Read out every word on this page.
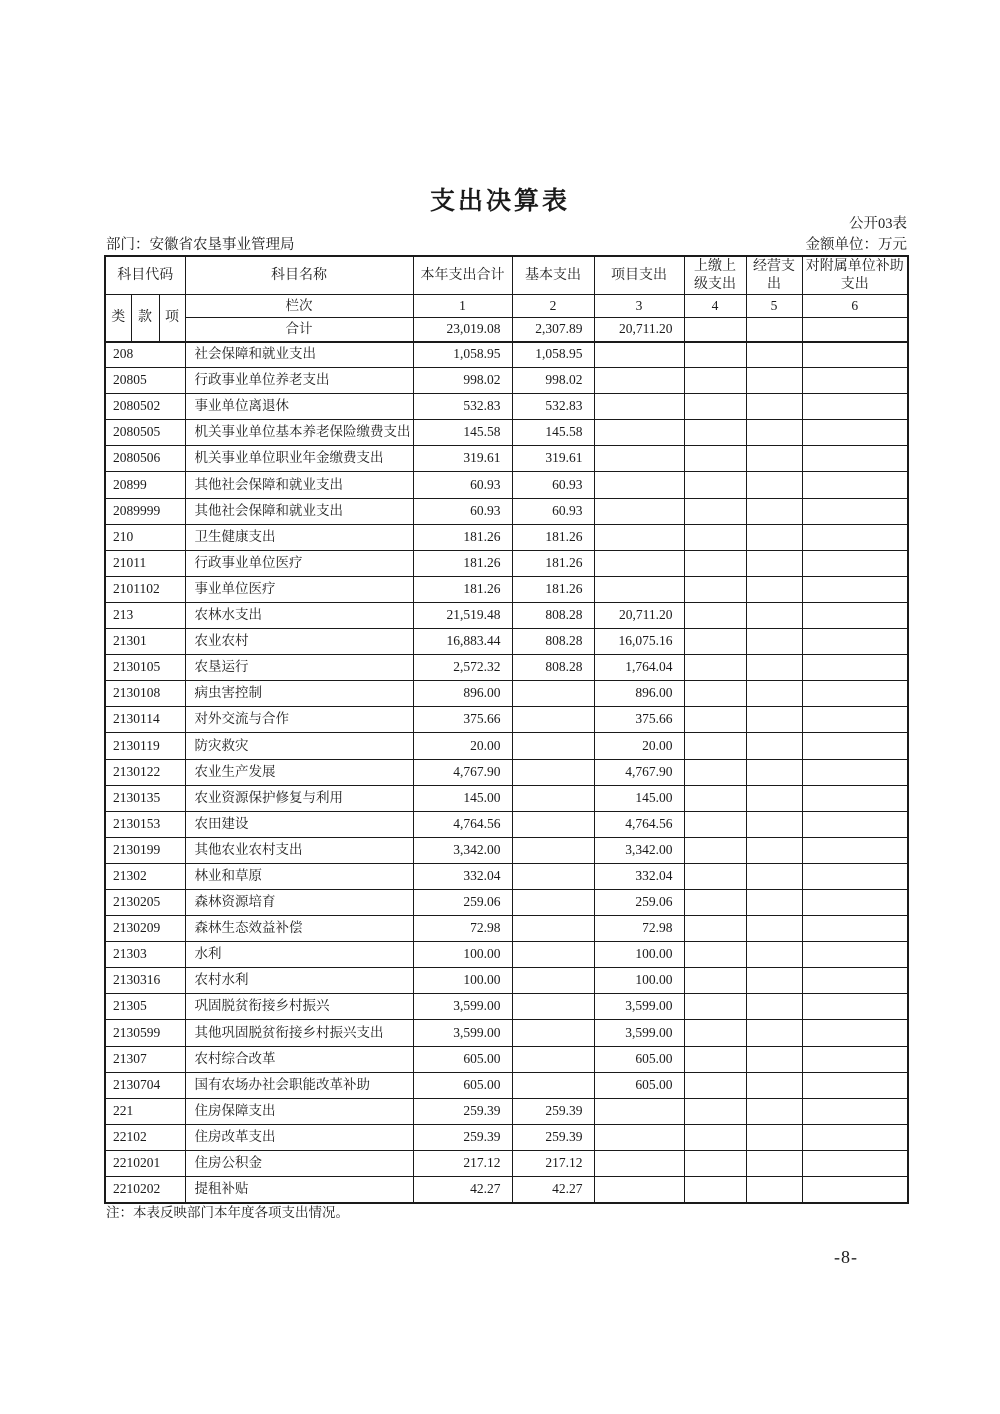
支出决算表
公开03表
部门：安徽省农垦事业管理局	金额单位：万元
科目代码			科目名称	本年支出合计	基本支出	项目支出	上缴上级支出	经营支出	对附属单位补助支出
类	款	项	栏次	1	2	3	4	5	6
			合计	23,019.08	2,307.89	20,711.20			
208			社会保障和就业支出	1,058.95	1,058.95				
20805			行政事业单位养老支出	998.02	998.02				
2080502			事业单位离退休	532.83	532.83				
2080505			机关事业单位基本养老保险缴费支出	145.58	145.58				
2080506			机关事业单位职业年金缴费支出	319.61	319.61				
20899			其他社会保障和就业支出	60.93	60.93				
2089999			其他社会保障和就业支出	60.93	60.93				
210			卫生健康支出	181.26	181.26				
21011			行政事业单位医疗	181.26	181.26				
2101102			事业单位医疗	181.26	181.26				
213			农林水支出	21,519.48	808.28	20,711.20			
21301			农业农村	16,883.44	808.28	16,075.16			
2130105			农垦运行	2,572.32	808.28	1,764.04			
2130108			病虫害控制	896.00		896.00			
2130114			对外交流与合作	375.66		375.66			
2130119			防灾救灾	20.00		20.00			
2130122			农业生产发展	4,767.90		4,767.90			
2130135			农业资源保护修复与利用	145.00		145.00			
2130153			农田建设	4,764.56		4,764.56			
2130199			其他农业农村支出	3,342.00		3,342.00			
21302			林业和草原	332.04		332.04			
2130205			森林资源培育	259.06		259.06			
2130209			森林生态效益补偿	72.98		72.98			
21303			水利	100.00		100.00			
2130316			农村水利	100.00		100.00			
21305			巩固脱贫衔接乡村振兴	3,599.00		3,599.00			
2130599			其他巩固脱贫衔接乡村振兴支出	3,599.00		3,599.00			
21307			农村综合改革	605.00		605.00			
2130704			国有农场办社会职能改革补助	605.00		605.00			
221			住房保障支出	259.39	259.39				
22102			住房改革支出	259.39	259.39				
2210201			住房公积金	217.12	217.12				
2210202			提租补贴	42.27	42.27				
注：本表反映部门本年度各项支出情况。
-8-
